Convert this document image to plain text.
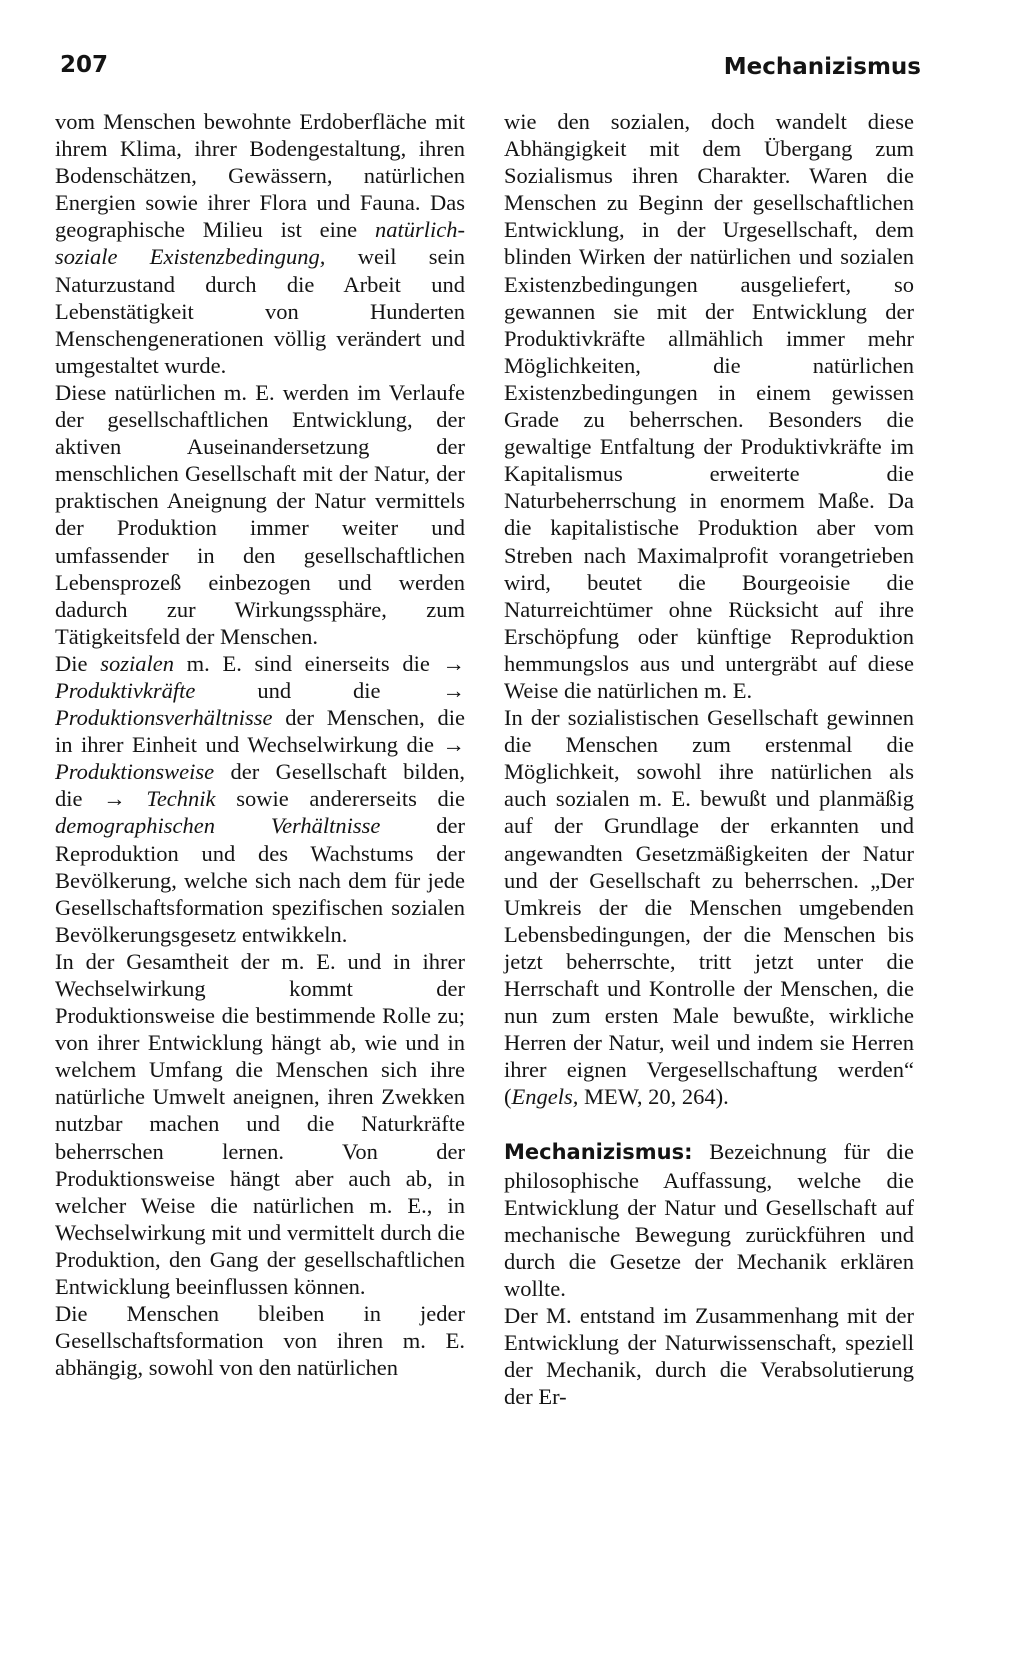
207	Mechanizismus

vom Menschen bewohnte Erdoberfläche mit ihrem Klima, ihrer Bodengestaltung, ihren Bodenschätzen, Gewässern, natürlichen Energien sowie ihrer Flora und Fauna. Das geographische Milieu ist eine natürlich-soziale Existenzbedingung, weil sein Naturzustand durch die Arbeit und Lebenstätigkeit von Hunderten Menschengenerationen völlig verändert und umgestaltet wurde.

Diese natürlichen m. E. werden im Verlaufe der gesellschaftlichen Entwicklung, der aktiven Auseinandersetzung der menschlichen Gesellschaft mit der Natur, der praktischen Aneignung der Natur vermittels der Produktion immer weiter und umfassender in den gesellschaftlichen Lebensprozeß einbezogen und werden dadurch zur Wirkungssphäre, zum Tätigkeitsfeld der Menschen.

Die sozialen m. E. sind einerseits die → Produktivkräfte	und die	→ Produktionsverhältnisse der Menschen, die in ihrer Einheit und Wechselwirkung die → Produktionsweise der Gesellschaft bilden, die → Technik sowie andererseits die demographischen Verhältnisse der Reproduktion und des Wachstums der Bevölkerung, welche sich nach dem für jede Gesellschaftsformation spezifischen sozialen Bevölkerungsgesetz entwikkeln.

In der Gesamtheit der m. E. und in ihrer Wechselwirkung kommt der Produktionsweise die bestimmende Rolle zu; von ihrer Entwicklung hängt ab, wie und in welchem Umfang die Menschen sich ihre natürliche Umwelt aneignen, ihren Zwekken nutzbar machen und die Naturkräfte beherrschen lernen. Von der Produktionsweise hängt aber auch ab, in welcher Weise die natürlichen m. E., in Wechselwirkung mit und vermittelt durch die Produktion, den Gang der gesellschaftlichen Entwicklung beeinflussen können.

Die Menschen bleiben in jeder Gesellschaftsformation von ihren m. E. abhängig, sowohl von den natürlichen

wie den sozialen, doch wandelt diese Abhängigkeit mit dem Übergang zum Sozialismus ihren Charakter. Waren die Menschen zu Beginn der gesellschaftlichen Entwicklung, in der Urgesellschaft, dem blinden Wirken der natürlichen und sozialen Existenzbedingungen ausgeliefert, so gewannen sie mit der Entwicklung der Produktivkräfte allmählich immer mehr Möglichkeiten, die natürlichen Existenzbedingungen in einem gewissen Grade zu beherrschen. Besonders die gewaltige Entfaltung der Produktivkräfte im Kapitalismus erweiterte die Naturbeherrschung in enormem Maße. Da die kapitalistische Produktion aber vom Streben nach Maximalprofit vorangetrieben wird, beutet die Bourgeoisie die Naturreichtümer ohne Rücksicht auf ihre Erschöpfung oder künftige Reproduktion hemmungslos aus und untergräbt auf diese Weise die natürlichen m. E.

In der sozialistischen Gesellschaft gewinnen die Menschen zum erstenmal die Möglichkeit, sowohl ihre natürlichen als auch sozialen m. E. bewußt und planmäßig auf der Grundlage der erkannten und angewandten Gesetzmäßigkeiten der Natur und der Gesellschaft zu beherrschen. „Der Umkreis der die Menschen umgebenden Lebensbedingungen, der die Menschen bis jetzt beherrschte, tritt jetzt unter die Herrschaft und Kontrolle der Menschen, die nun zum ersten Male bewußte, wirkliche Herren der Natur, weil und indem sie Herren ihrer eignen Vergesellschaftung werden“ (Engels, MEW, 20, 264).

Mechanizismus: Bezeichnung für die philosophische Auffassung, welche die Entwicklung der Natur und Gesellschaft auf mechanische Bewegung zurückführen und durch die Gesetze der Mechanik erklären wollte.

Der M. entstand im Zusammenhang mit der Entwicklung der Naturwissenschaft, speziell der Mechanik, durch die Verabsolutierung der Er-
